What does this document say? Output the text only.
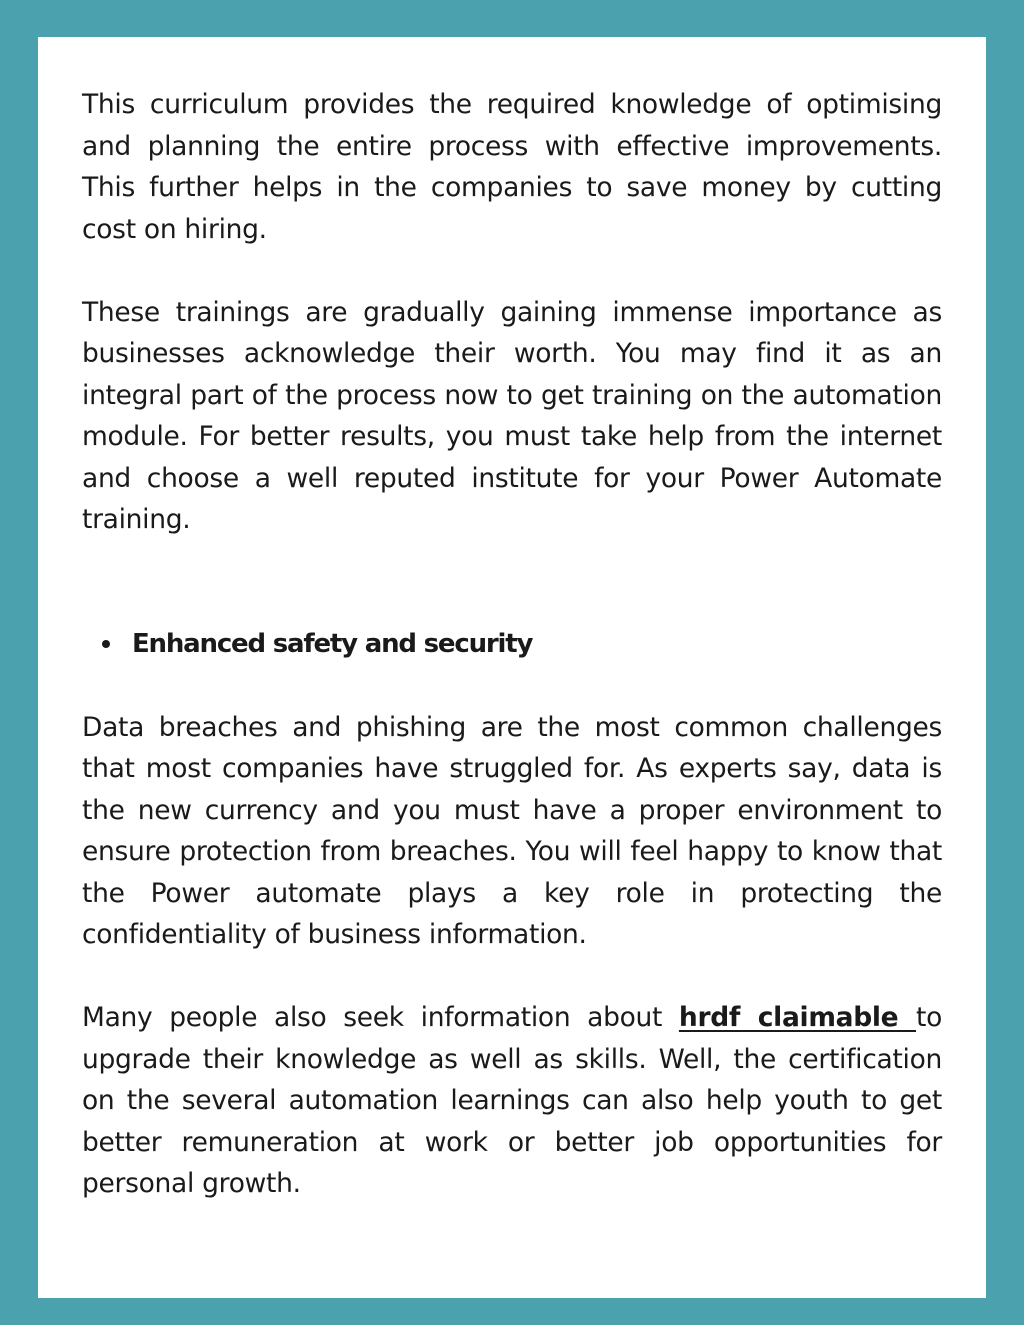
This curriculum provides the required knowledge of optimising and planning the entire process with effective improvements. This further helps in the companies to save money by cutting cost on hiring.

These trainings are gradually gaining immense importance as businesses acknowledge their worth. You may find it as an integral part of the process now to get training on the automation module. For better results, you must take help from the internet and choose a well reputed institute for your Power Automate training.

Enhanced safety and security

Data breaches and phishing are the most common challenges that most companies have struggled for. As experts say, data is the new currency and you must have a proper environment to ensure protection from breaches. You will feel happy to know that the Power automate plays a key role in protecting the confidentiality of business information.

Many people also seek information about hrdf claimable to upgrade their knowledge as well as skills. Well, the certification on the several automation learnings can also help youth to get better remuneration at work or better job opportunities for personal growth.
